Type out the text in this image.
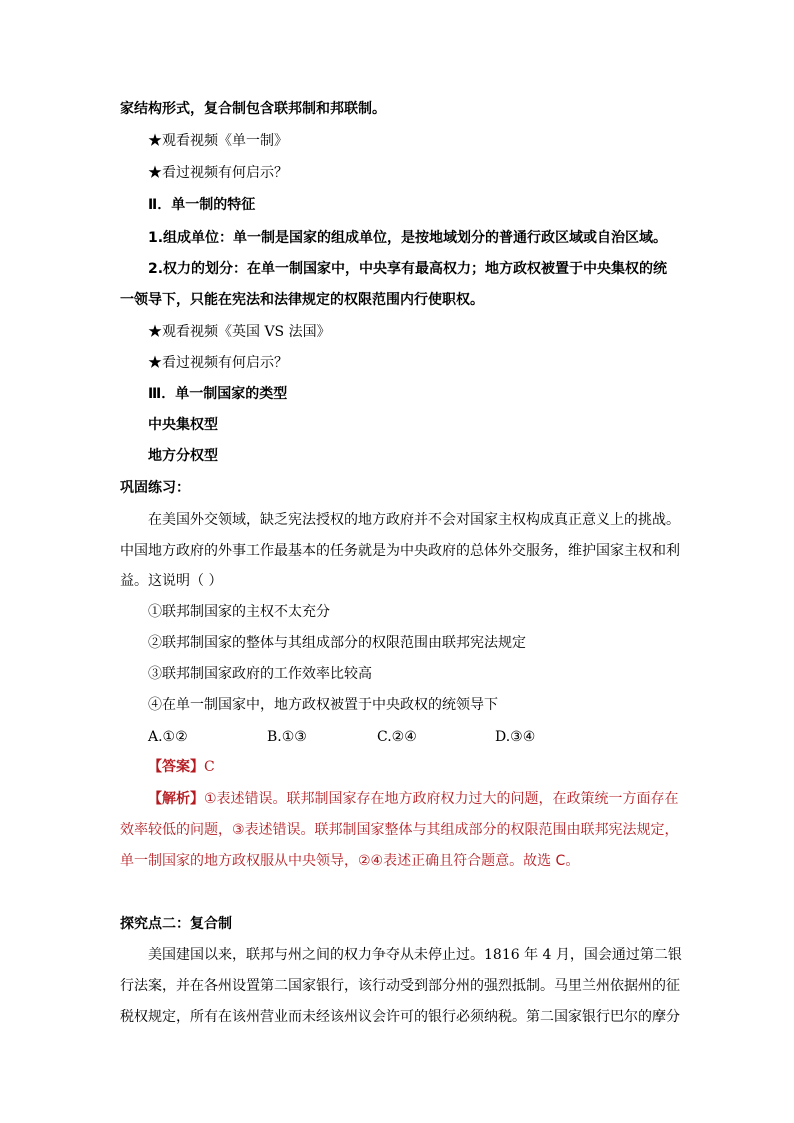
家结构形式，复合制包含联邦制和邦联制。
★观看视频《单一制》
★看过视频有何启示？
Ⅱ．单一制的特征
1.组成单位：单一制是国家的组成单位，是按地域划分的普通行政区域或自治区域。
2.权力的划分：在单一制国家中，中央享有最高权力；地方政权被置于中央集权的统
一领导下，只能在宪法和法律规定的权限范围内行使职权。
★观看视频《英国 VS 法国》
★看过视频有何启示？
Ⅲ．单一制国家的类型
中央集权型
地方分权型
巩固练习：
在美国外交领域，缺乏宪法授权的地方政府并不会对国家主权构成真正意义上的挑战。
中国地方政府的外事工作最基本的任务就是为中央政府的总体外交服务，维护国家主权和利
益。这说明（ ）
①联邦制国家的主权不太充分
②联邦制国家的整体与其组成部分的权限范围由联邦宪法规定
③联邦制国家政府的工作效率比较高
④在单一制国家中，地方政权被置于中央政权的统领导下
A.①②	B.①③	C.②④	D.③④
【答案】C
【解析】①表述错误。联邦制国家存在地方政府权力过大的问题，在政策统一方面存在
效率较低的问题，③表述错误。联邦制国家整体与其组成部分的权限范围由联邦宪法规定，
单一制国家的地方政权服从中央领导，②④表述正确且符合题意。故选 C。
探究点二：复合制
美国建国以来，联邦与州之间的权力争夺从未停止过。1816 年 4 月，国会通过第二银
行法案，并在各州设置第二国家银行，该行动受到部分州的强烈抵制。马里兰州依据州的征
税权规定，所有在该州营业而未经该州议会许可的银行必须纳税。第二国家银行巴尔的摩分
